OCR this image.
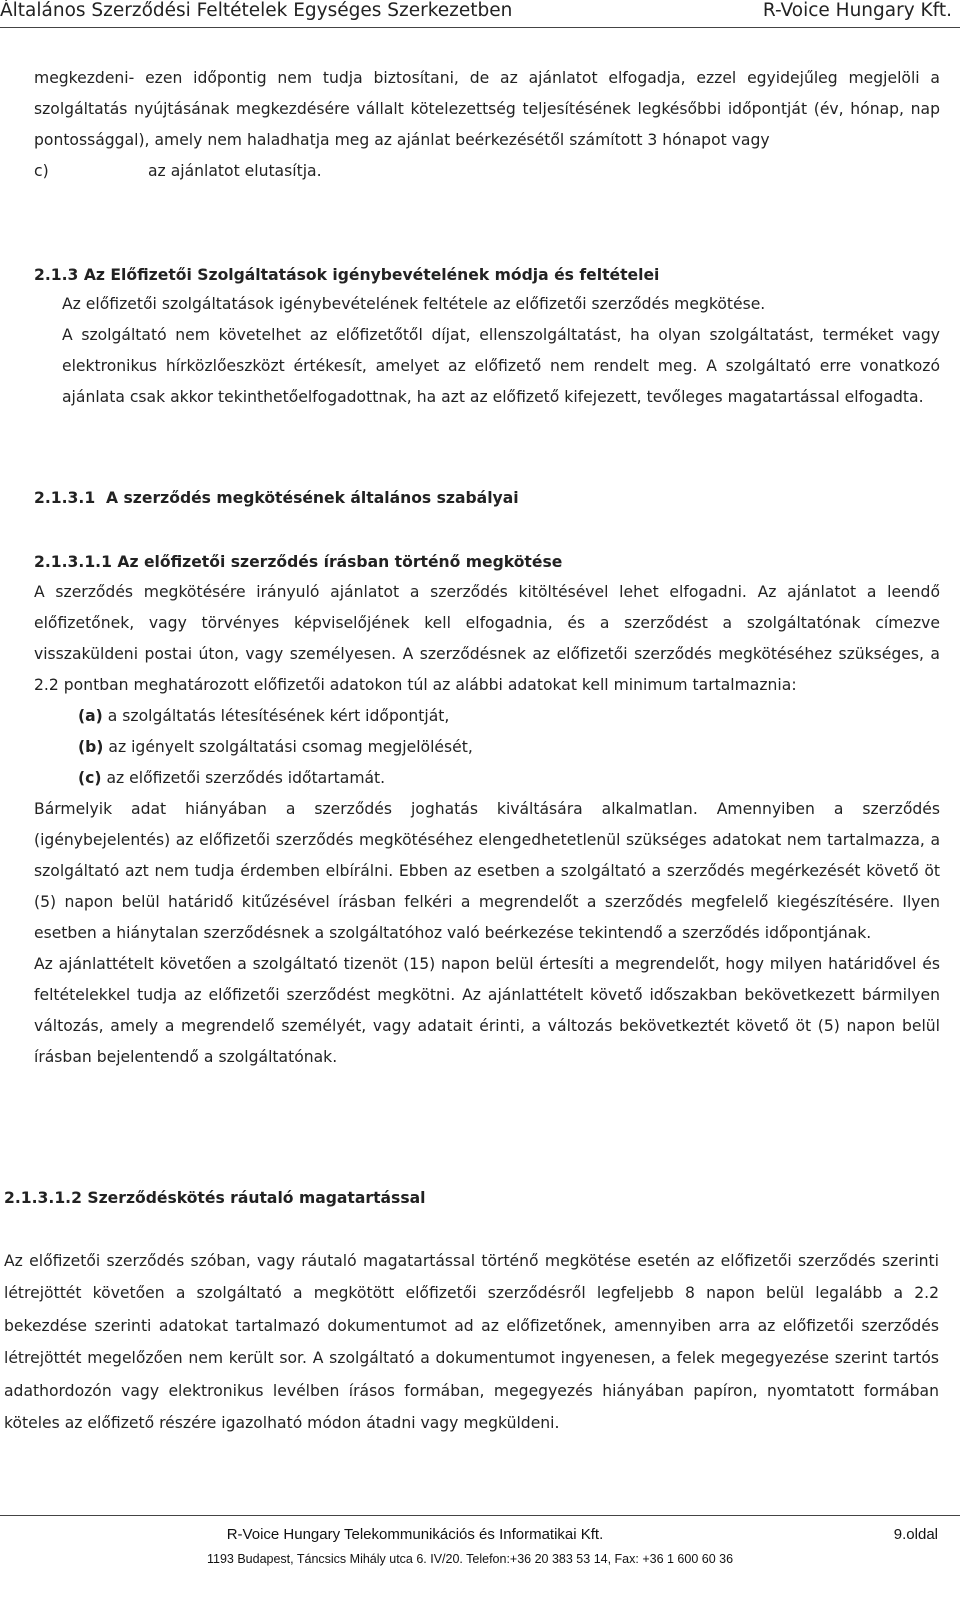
Általános Szerződési Feltételek Egységes Szerkezetben	R-Voice Hungary Kft.

megkezdeni- ezen időpontig nem tudja biztosítani, de az ajánlatot elfogadja, ezzel egyidejűleg megjelöli a szolgáltatás nyújtásának megkezdésére vállalt kötelezettség teljesítésének legkésőbbi időpontját (év, hónap, nap pontossággal), amely nem haladhatja meg az ajánlat beérkezésétől számított 3 hónapot vagy

c)	az ajánlatot elutasítja.
2.1.3 Az Előfizetői Szolgáltatások igénybevételének módja és feltételei

Az előfizetői szolgáltatások igénybevételének feltétele az előfizetői szerződés megkötése.

A szolgáltató nem követelhet az előfizetőtől díjat, ellenszolgáltatást, ha olyan szolgáltatást, terméket vagy elektronikus hírközlőeszközt értékesít, amelyet az előfizető nem rendelt meg. A szolgáltató erre vonatkozó ajánlata csak akkor tekinthetőelfogadottnak, ha azt az előfizető kifejezett, tevőleges magatartással elfogadta.

2.1.3.1  A szerződés megkötésének általános szabályai
2.1.3.1.1 Az előfizetői szerződés írásban történő megkötése

A szerződés megkötésére irányuló ajánlatot a szerződés kitöltésével lehet elfogadni. Az ajánlatot a leendő előfizetőnek, vagy törvényes képviselőjének kell elfogadnia, és a szerződést a szolgáltatónak címezve visszaküldeni postai úton, vagy személyesen. A szerződésnek az előfizetői szerződés megkötéséhez szükséges, a 2.2 pontban meghatározott előfizetői adatokon túl az alábbi adatokat kell minimum tartalmaznia:

(a) a szolgáltatás létesítésének kért időpontját,
(b) az igényelt szolgáltatási csomag megjelölését,
(c) az előfizetői szerződés időtartamát.

Bármelyik adat hiányában a szerződés joghatás kiváltására alkalmatlan. Amennyiben a szerződés (igénybejelentés) az előfizetői szerződés megkötéséhez elengedhetetlenül szükséges adatokat nem tartalmazza, a szolgáltató azt nem tudja érdemben elbírálni. Ebben az esetben a szolgáltató a szerződés megérkezését követő öt (5) napon belül határidő kitűzésével írásban felkéri a megrendelőt a szerződés megfelelő kiegészítésére. Ilyen esetben a hiánytalan szerződésnek a szolgáltatóhoz való beérkezése tekintendő a szerződés időpontjának.

Az ajánlattételt követően a szolgáltató tizenöt (15) napon belül értesíti a megrendelőt, hogy milyen határidővel és feltételekkel tudja az előfizetői szerződést megkötni. Az ajánlattételt követő időszakban bekövetkezett bármilyen változás, amely a megrendelő személyét, vagy adatait érinti, a változás bekövetkeztét követő öt (5) napon belül írásban bejelentendő a szolgáltatónak.

2.1.3.1.2 Szerződéskötés ráutaló magatartással

Az előfizetői szerződés szóban, vagy ráutaló magatartással történő megkötése esetén az előfizetői szerződés szerinti létrejöttét követően a szolgáltató a megkötött előfizetői szerződésről legfeljebb 8 napon belül legalább a 2.2 bekezdése szerinti adatokat tartalmazó dokumentumot ad az előfizetőnek, amennyiben arra az előfizetői szerződés létrejöttét megelőzően nem került sor. A szolgáltató a dokumentumot ingyenesen, a felek megegyezése szerint tartós adathordozón vagy elektronikus levélben írásos formában, megegyezés hiányában papíron, nyomtatott formában köteles az előfizető részére igazolható módon átadni vagy megküldeni.

R-Voice Hungary Telekommunikációs és Informatikai Kft.	9.oldal
1193 Budapest, Táncsics Mihály utca 6. IV/20. Telefon:+36 20 383 53 14, Fax: +36 1 600 60 36
